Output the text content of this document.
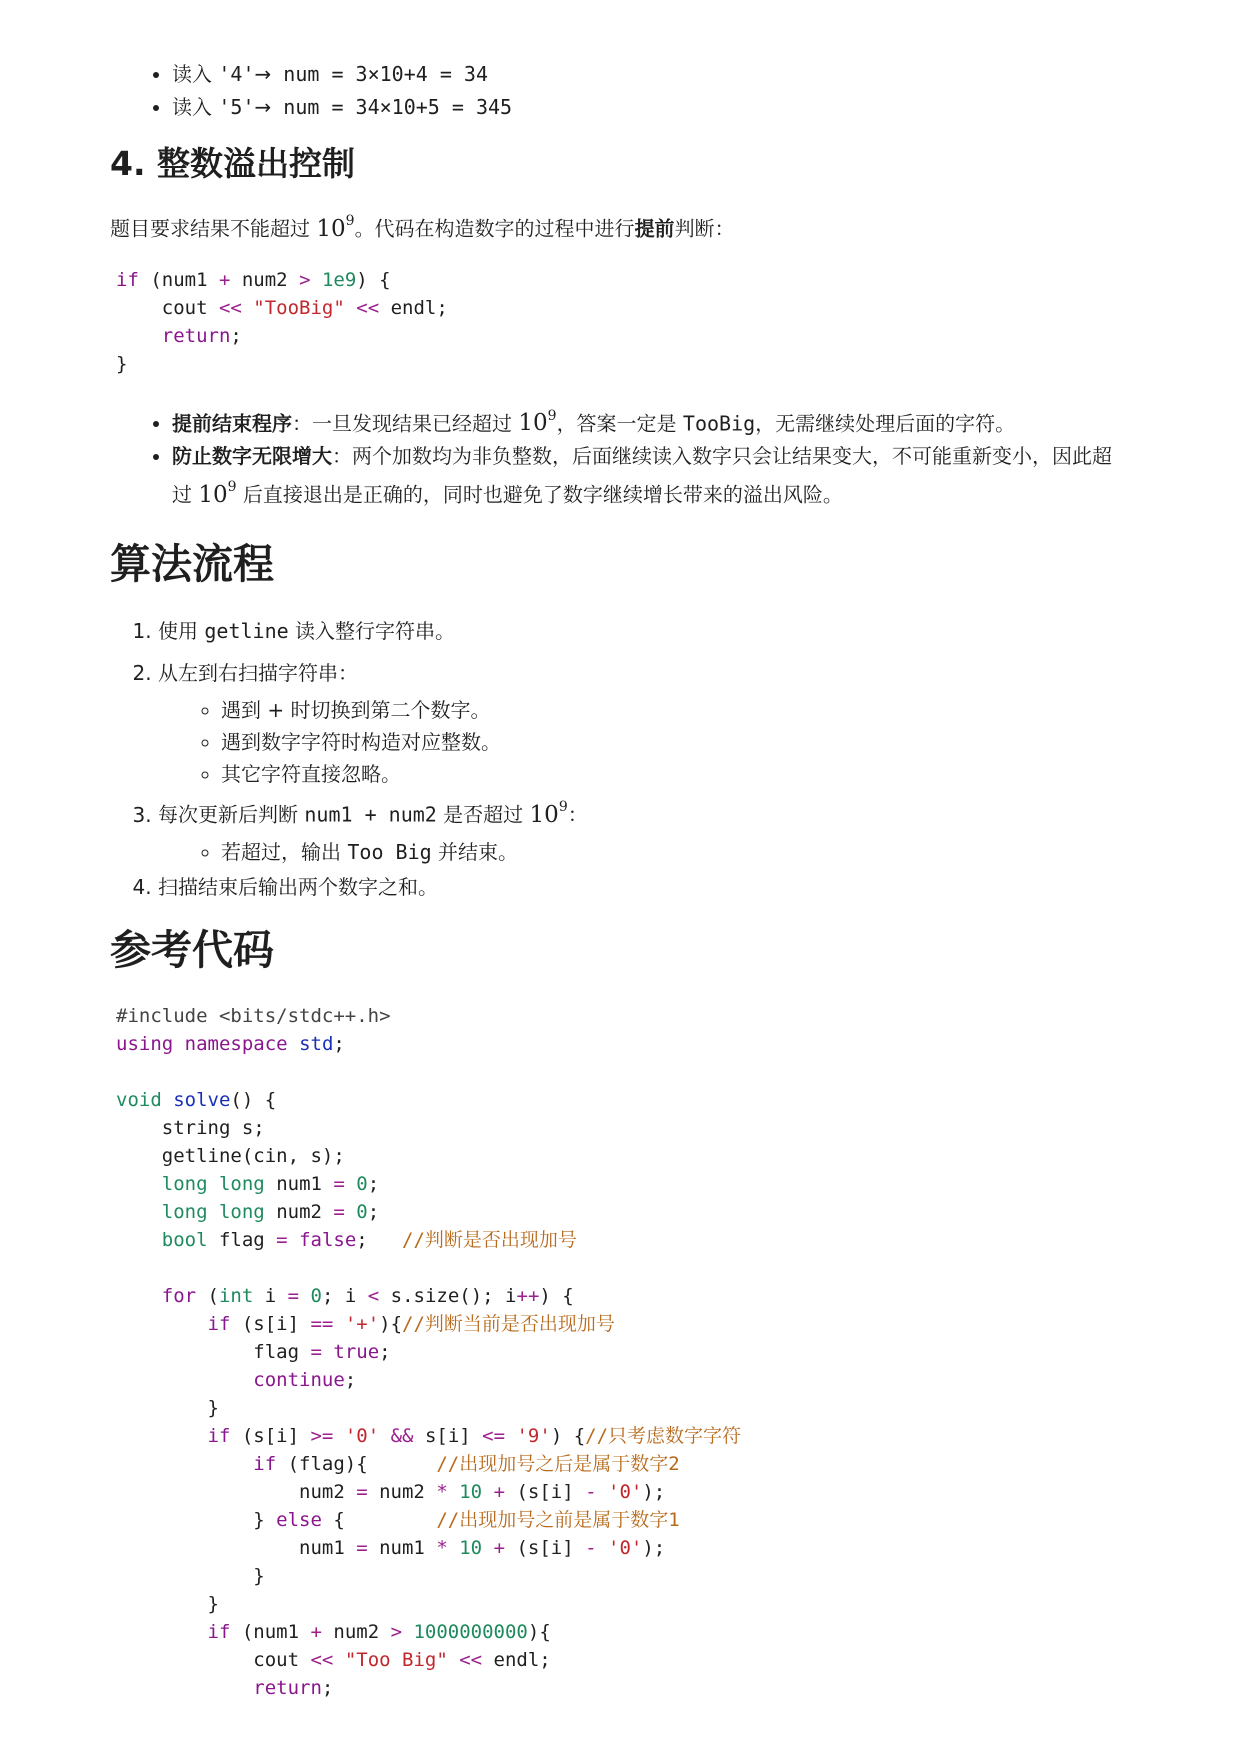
• 读入 '4'→ num = 3×10+4 = 34
• 读入 '5'→ num = 34×10+5 = 345
4. 整数溢出控制

题目要求结果不能超过 $10^9$。代码在构造数字的过程中进行提前判断：

if (num1 + num2 > 1e9) {
cout << "TooBig" << endl;
return;
}
• 提前结束程序：一旦发现结果已经超过 $10^9$，答案一定是 TooBig，无需继续处理后面的字符。
• 防止数字无限增大：两个加数均为非负整数，后面继续读入数字只会让结果变大，不可能重新变小，因此超过 $10^9$ 后直接退出是正确的，同时也避免了数字继续增长带来的溢出风险。
算法流程
1. 使用 getline 读入整行字符串。
2. 从左到右扫描字符串：
◦ 遇到 + 时切换到第二个数字。
◦ 遇到数字字符时构造对应整数。
◦ 其它字符直接忽略。
3. 每次更新后判断 num1 + num2 是否超过 $10^9$：
◦ 若超过，输出 Too Big 并结束。
4. 扫描结束后输出两个数字之和。
参考代码
#include <bits/stdc++.h>
using namespace std;

void solve() {
string s;
getline(cin, s);
long long num1 = 0;
long long num2 = 0;
bool flag = false;   //判断是否出现加号

for (int i = 0; i < s.size(); i++) {
if (s[i] == '+'){//判断当前是否出现加号
flag = true;
continue;
}
if (s[i] >= '0' && s[i] <= '9') {//只考虑数字字符
if (flag){      //出现加号之后是属于数字2
num2 = num2 * 10 + (s[i] - '0');
} else {        //出现加号之前是属于数字1
num1 = num1 * 10 + (s[i] - '0');
}
}
if (num1 + num2 > 1000000000){
cout << "Too Big" << endl;
return;
